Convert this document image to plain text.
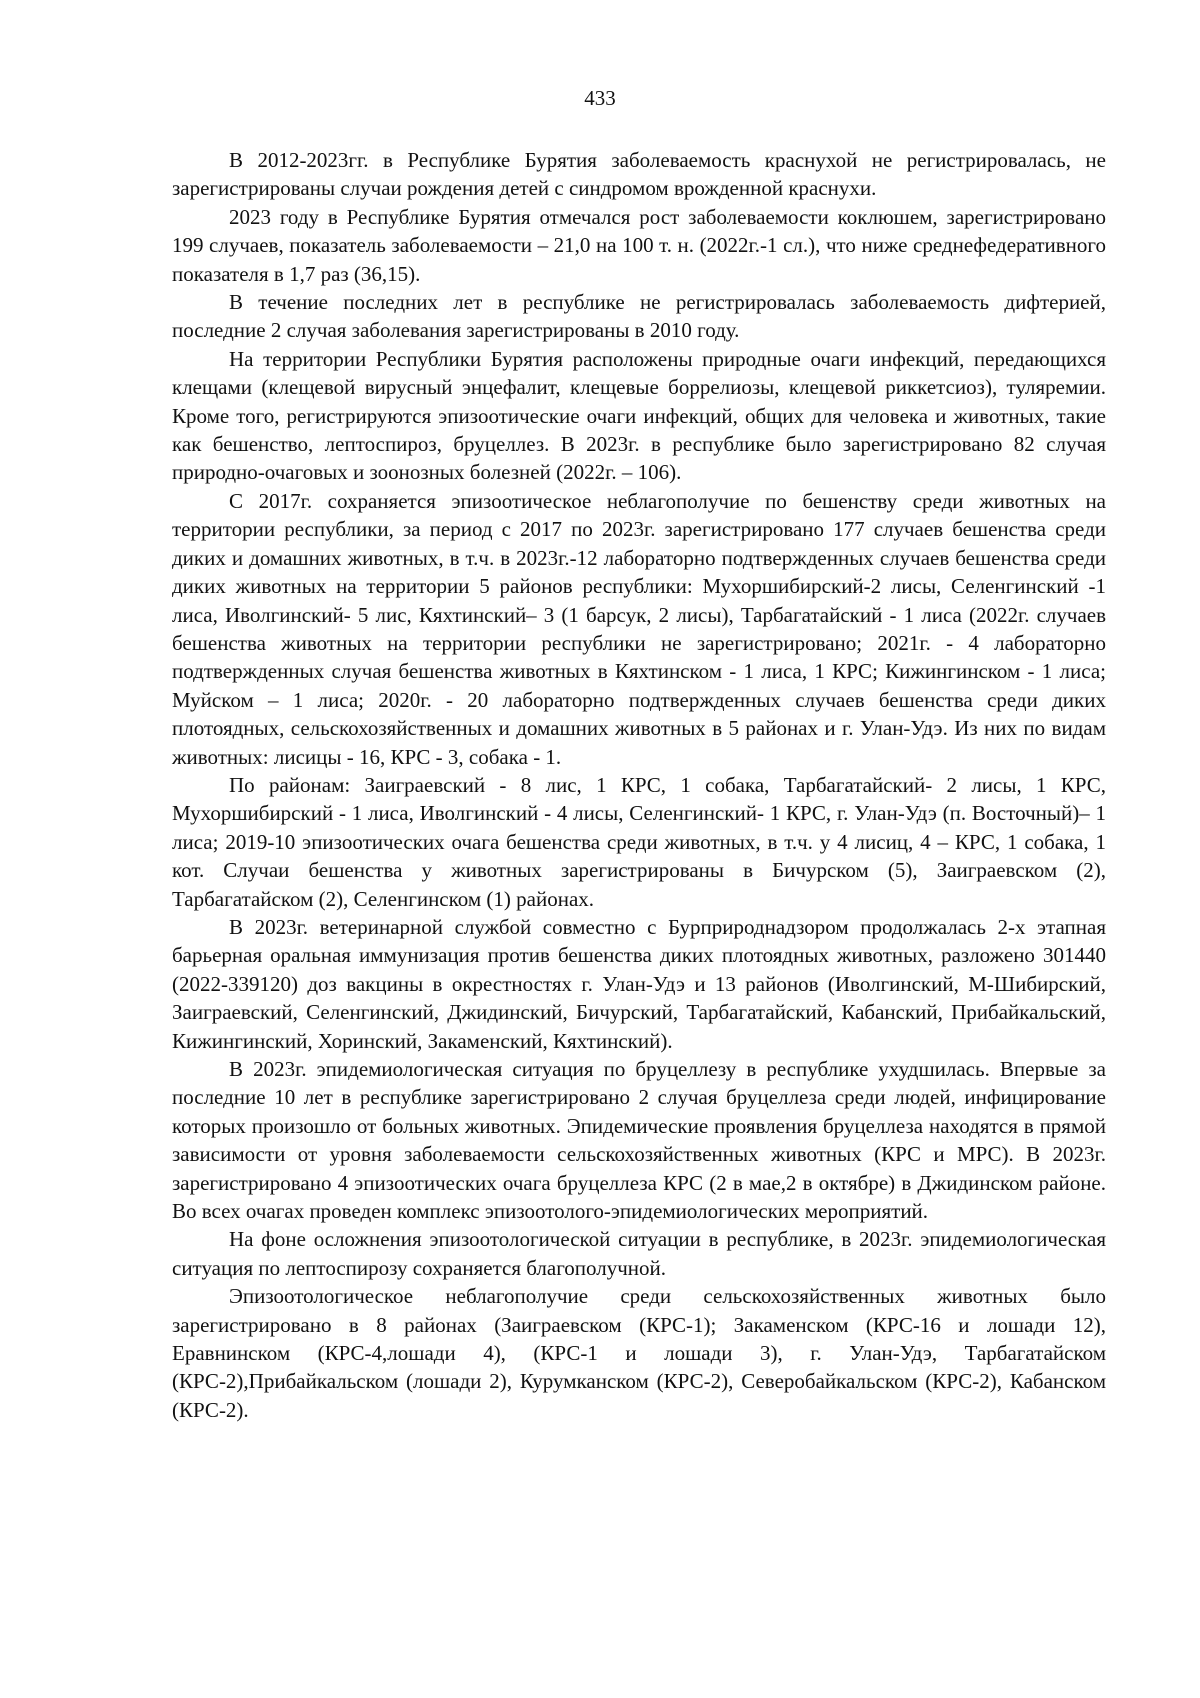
433

В 2012-2023гг. в Республике Бурятия заболеваемость краснухой не регистрировалась, не зарегистрированы случаи рождения детей с синдромом врожденной краснухи.

2023 году в Республике Бурятия отмечался рост заболеваемости коклюшем, зарегистрировано 199 случаев, показатель заболеваемости – 21,0 на 100 т. н. (2022г.-1 сл.), что ниже среднефедеративного показателя в 1,7 раз (36,15).

В течение последних лет в республике не регистрировалась заболеваемость дифтерией, последние 2 случая заболевания зарегистрированы в 2010 году.

На территории Республики Бурятия расположены природные очаги инфекций, передающихся клещами (клещевой вирусный энцефалит, клещевые боррелиозы, клещевой риккетсиоз), туляремии. Кроме того, регистрируются эпизоотические очаги инфекций, общих для человека и животных, такие как бешенство, лептоспироз, бруцеллез. В 2023г. в республике было зарегистрировано 82 случая природно-очаговых и зоонозных болезней (2022г. – 106).

С 2017г. сохраняется эпизоотическое неблагополучие по бешенству среди животных на территории республики, за период с 2017 по 2023г. зарегистрировано 177 случаев бешенства среди диких и домашних животных, в т.ч. в 2023г.-12 лабораторно подтвержденных случаев бешенства среди диких животных на территории 5 районов республики: Мухоршибирский-2 лисы, Селенгинский -1 лиса, Иволгинский- 5 лис, Кяхтинский– 3 (1 барсук, 2 лисы), Тарбагатайский - 1 лиса (2022г. случаев бешенства животных на территории республики не зарегистрировано; 2021г. - 4 лабораторно подтвержденных случая бешенства животных в Кяхтинском - 1 лиса, 1 КРС; Кижингинском - 1 лиса; Муйском – 1 лиса; 2020г. - 20 лабораторно подтвержденных случаев бешенства среди диких плотоядных, сельскохозяйственных и домашних животных в 5 районах и г. Улан-Удэ. Из них по видам животных: лисицы - 16, КРС - 3, собака - 1.

По районам: Заиграевский - 8 лис, 1 КРС, 1 собака, Тарбагатайский- 2 лисы, 1 КРС, Мухоршибирский - 1 лиса, Иволгинский - 4 лисы, Селенгинский- 1 КРС, г. Улан-Удэ (п. Восточный)– 1 лиса; 2019-10 эпизоотических очага бешенства среди животных, в т.ч. у 4 лисиц, 4 – КРС, 1 собака, 1 кот. Случаи бешенства у животных зарегистрированы в Бичурском (5), Заиграевском (2), Тарбагатайском (2), Селенгинском (1) районах.

В 2023г. ветеринарной службой совместно с Бурприроднадзором продолжалась 2-х этапная барьерная оральная иммунизация против бешенства диких плотоядных животных, разложено 301440 (2022-339120) доз вакцины в окрестностях г. Улан-Удэ и 13 районов (Иволгинский, М-Шибирский, Заиграевский, Селенгинский, Джидинский, Бичурский, Тарбагатайский, Кабанский, Прибайкальский, Кижингинский, Хоринский, Закаменский, Кяхтинский).

В 2023г. эпидемиологическая ситуация по бруцеллезу в республике ухудшилась. Впервые за последние 10 лет в республике зарегистрировано 2 случая бруцеллеза среди людей, инфицирование которых произошло от больных животных. Эпидемические проявления бруцеллеза находятся в прямой зависимости от уровня заболеваемости сельскохозяйственных животных (КРС и МРС). В 2023г. зарегистрировано 4 эпизоотических очага бруцеллеза КРС (2 в мае,2 в октябре) в Джидинском районе. Во всех очагах проведен комплекс эпизоотолого-эпидемиологических мероприятий.

На фоне осложнения эпизоотологической ситуации в республике, в 2023г. эпидемиологическая ситуация по лептоспирозу сохраняется благополучной.

Эпизоотологическое неблагополучие среди сельскохозяйственных животных было зарегистрировано в 8 районах (Заиграевском (КРС-1); Закаменском (КРС-16 и лошади 12), Еравнинском (КРС-4,лошади 4), (КРС-1 и лошади 3), г. Улан-Удэ, Тарбагатайском (КРС-2),Прибайкальском (лошади 2), Курумканском (КРС-2), Северобайкальском (КРС-2), Кабанском (КРС-2).
